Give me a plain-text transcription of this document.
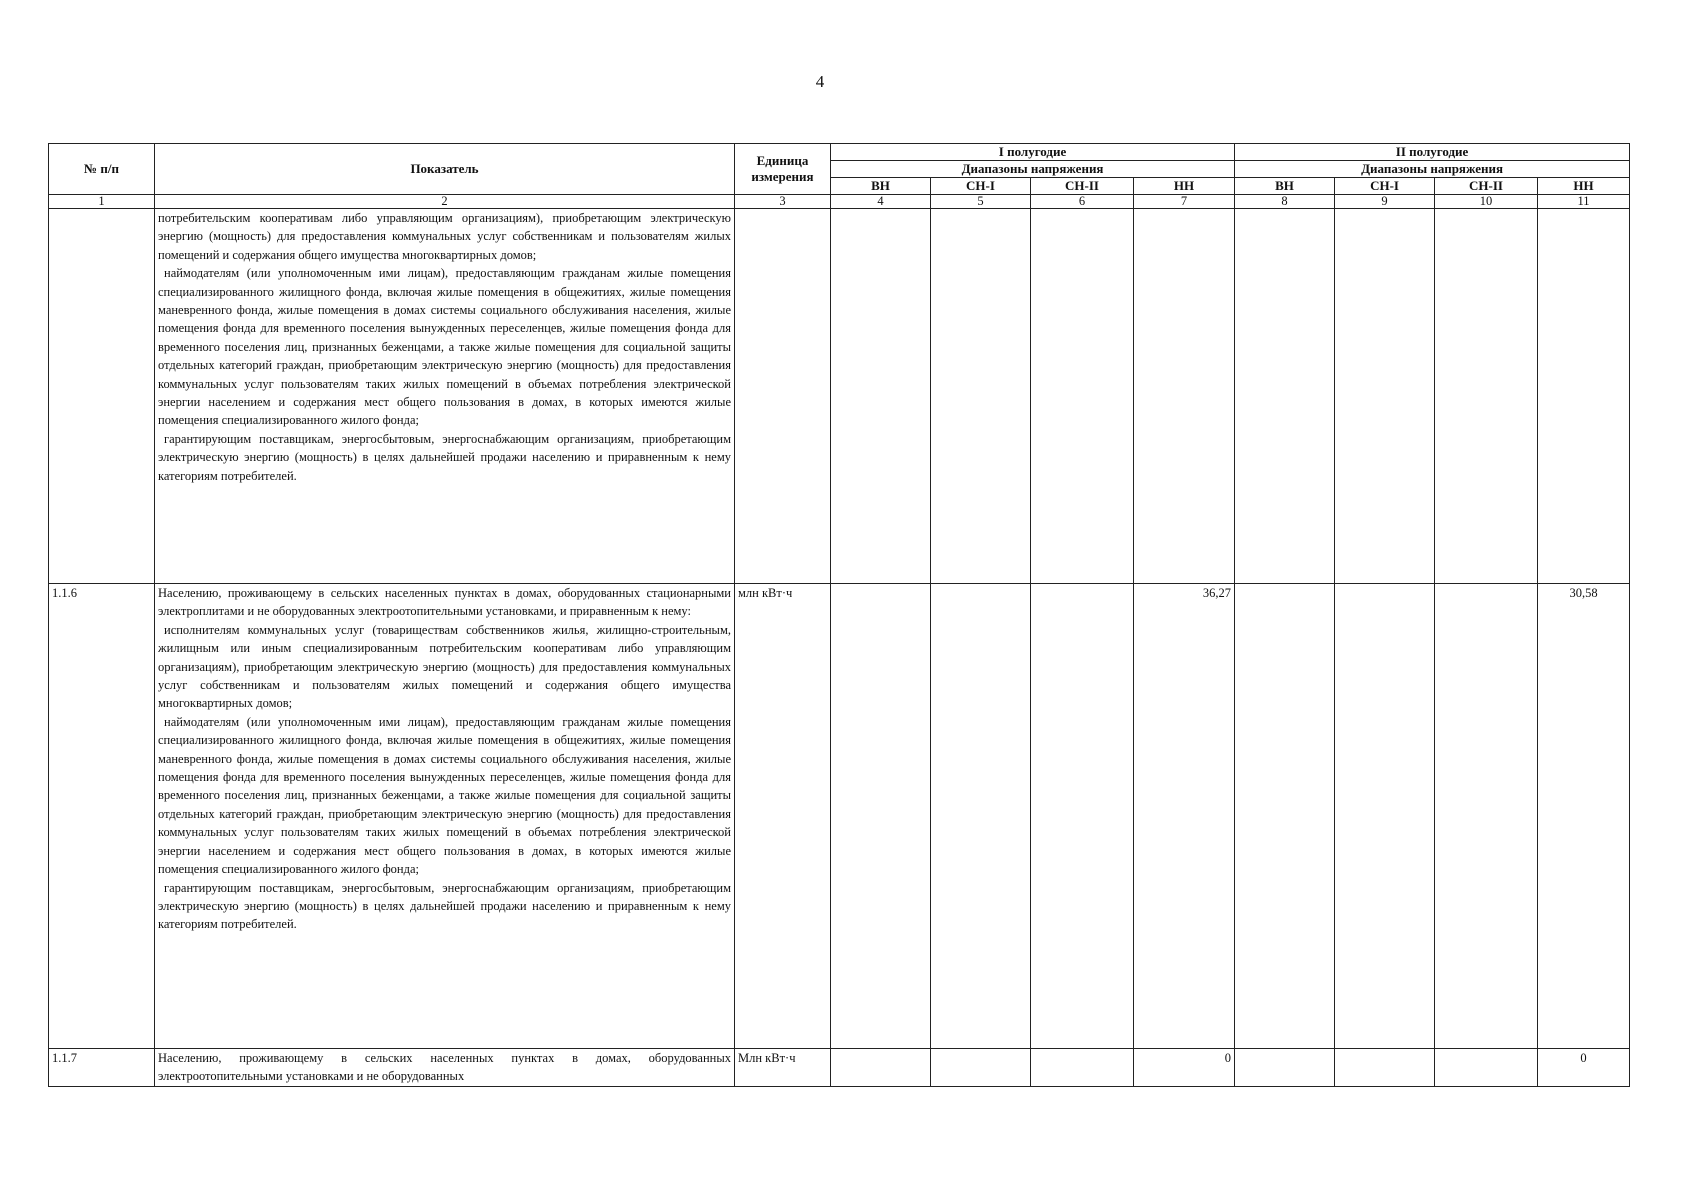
4
№ п/п	Показатель	Единица измерения	I полугодие				II полугодие			
			Диапазоны напряжения				Диапазоны напряжения			
			ВН	СН-I	СН-II	НН	ВН	СН-I	СН-II	НН
1	2	3	4	5	6	7	8	9	10	11

	потребительским кооперативам либо управляющим организациям), приобретающим электрическую энергию (мощность) для предоставления коммунальных услуг собственникам и пользователям жилых помещений и содержания общего имущества многоквартирных домов;

наймодателям (или уполномоченным ими лицам), предоставляющим гражданам жилые помещения специализированного жилищного фонда, включая жилые помещения в общежитиях, жилые помещения маневренного фонда, жилые помещения в домах системы социального обслуживания населения, жилые помещения фонда для временного поселения вынужденных переселенцев, жилые помещения фонда для временного поселения лиц, признанных беженцами, а также жилые помещения для социальной защиты отдельных категорий граждан, приобретающим электрическую энергию (мощность) для предоставления коммунальных услуг пользователям таких жилых помещений в объемах потребления электрической энергии населением и содержания мест общего пользования в домах, в которых имеются жилые помещения специализированного жилого фонда;

гарантирующим поставщикам, энергосбытовым, энергоснабжающим организациям, приобретающим электрическую энергию (мощность) в целях дальнейшей продажи населению и приравненным к нему категориям потребителей.									

1.1.6	Населению, проживающему в сельских населенных пунктах в домах, оборудованных стационарными электроплитами и не оборудованных электроотопительными установками, и приравненным к нему:

исполнителям коммунальных услуг (товариществам собственников жилья, жилищно-строительным, жилищным или иным специализированным потребительским кооперативам либо управляющим организациям), приобретающим электрическую энергию (мощность) для предоставления коммунальных услуг собственникам и пользователям жилых помещений и содержания общего имущества многоквартирных домов;

наймодателям (или уполномоченным ими лицам), предоставляющим гражданам жилые помещения специализированного жилищного фонда, включая жилые помещения в общежитиях, жилые помещения маневренного фонда, жилые помещения в домах системы социального обслуживания населения, жилые помещения фонда для временного поселения вынужденных переселенцев, жилые помещения фонда для временного поселения лиц, признанных беженцами, а также жилые помещения для социальной защиты отдельных категорий граждан, приобретающим электрическую энергию (мощность) для предоставления коммунальных услуг пользователям таких жилых помещений в объемах потребления электрической энергии населением и содержания мест общего пользования в домах, в которых имеются жилые помещения специализированного жилого фонда;

гарантирующим поставщикам, энергосбытовым, энергоснабжающим организациям, приобретающим электрическую энергию (мощность) в целях дальнейшей продажи населению и приравненным к нему категориям потребителей.	млн кВт·ч				36,27				30,58
1.1.7	Населению, проживающему в сельских населенных пунктах в домах, оборудованных электроотопительными установками и не оборудованных	Млн кВт·ч				0				0
